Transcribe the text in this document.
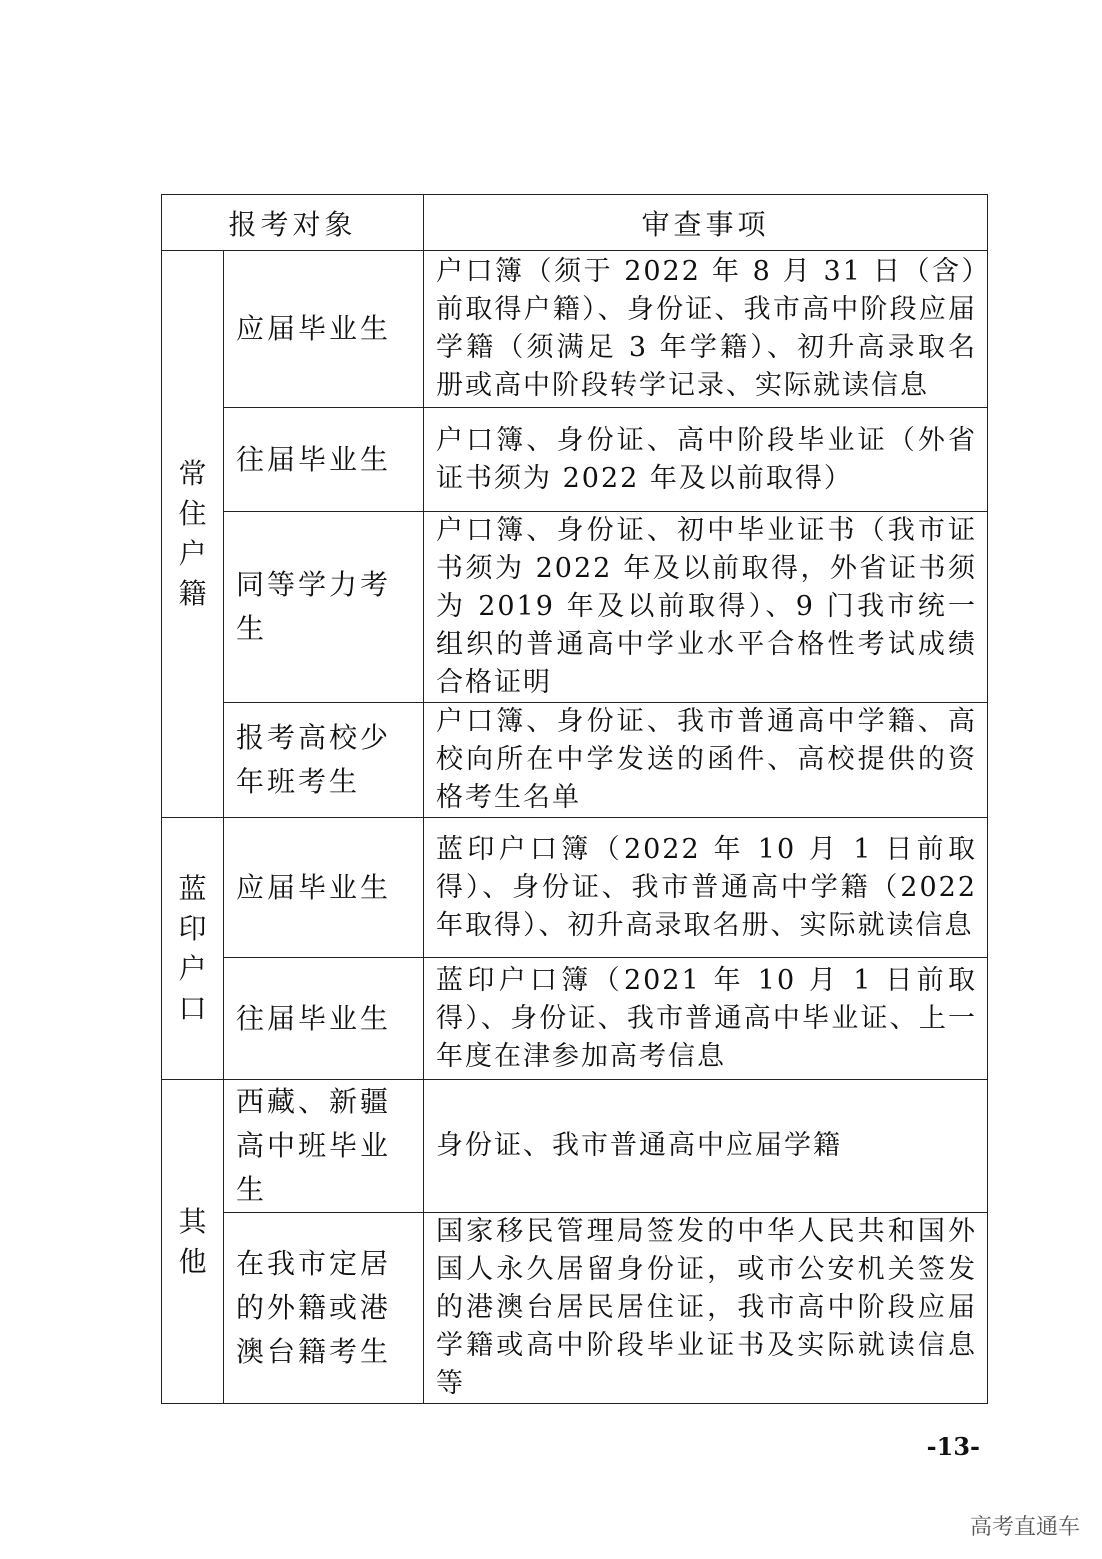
报考对象		审查事项
常住户籍	应届毕业生	户口簿（须于 2022 年 8 月 31 日（含）前取得户籍）、身份证、我市高中阶段应届学籍（须满足 3 年学籍）、初升高录取名册或高中阶段转学记录、实际就读信息
	往届毕业生	户口簿、身份证、高中阶段毕业证（外省证书须为 2022 年及以前取得）
	同等学力考生	户口簿、身份证、初中毕业证书（我市证书须为 2022 年及以前取得，外省证书须为 2019 年及以前取得）、9 门我市统一组织的普通高中学业水平合格性考试成绩合格证明
	报考高校少年班考生	户口簿、身份证、我市普通高中学籍、高校向所在中学发送的函件、高校提供的资格考生名单
蓝印户口	应届毕业生	蓝印户口簿（2022 年 10 月 1 日前取得）、身份证、我市普通高中学籍（2022 年取得）、初升高录取名册、实际就读信息
	往届毕业生	蓝印户口簿（2021 年 10 月 1 日前取得）、身份证、我市普通高中毕业证、上一年度在津参加高考信息
其他	西藏、新疆高中班毕业生	身份证、我市普通高中应届学籍
	在我市定居的外籍或港澳台籍考生	国家移民管理局签发的中华人民共和国外国人永久居留身份证，或市公安机关签发的港澳台居民居住证，我市高中阶段应届学籍或高中阶段毕业证书及实际就读信息等
-13-
高考直通车
